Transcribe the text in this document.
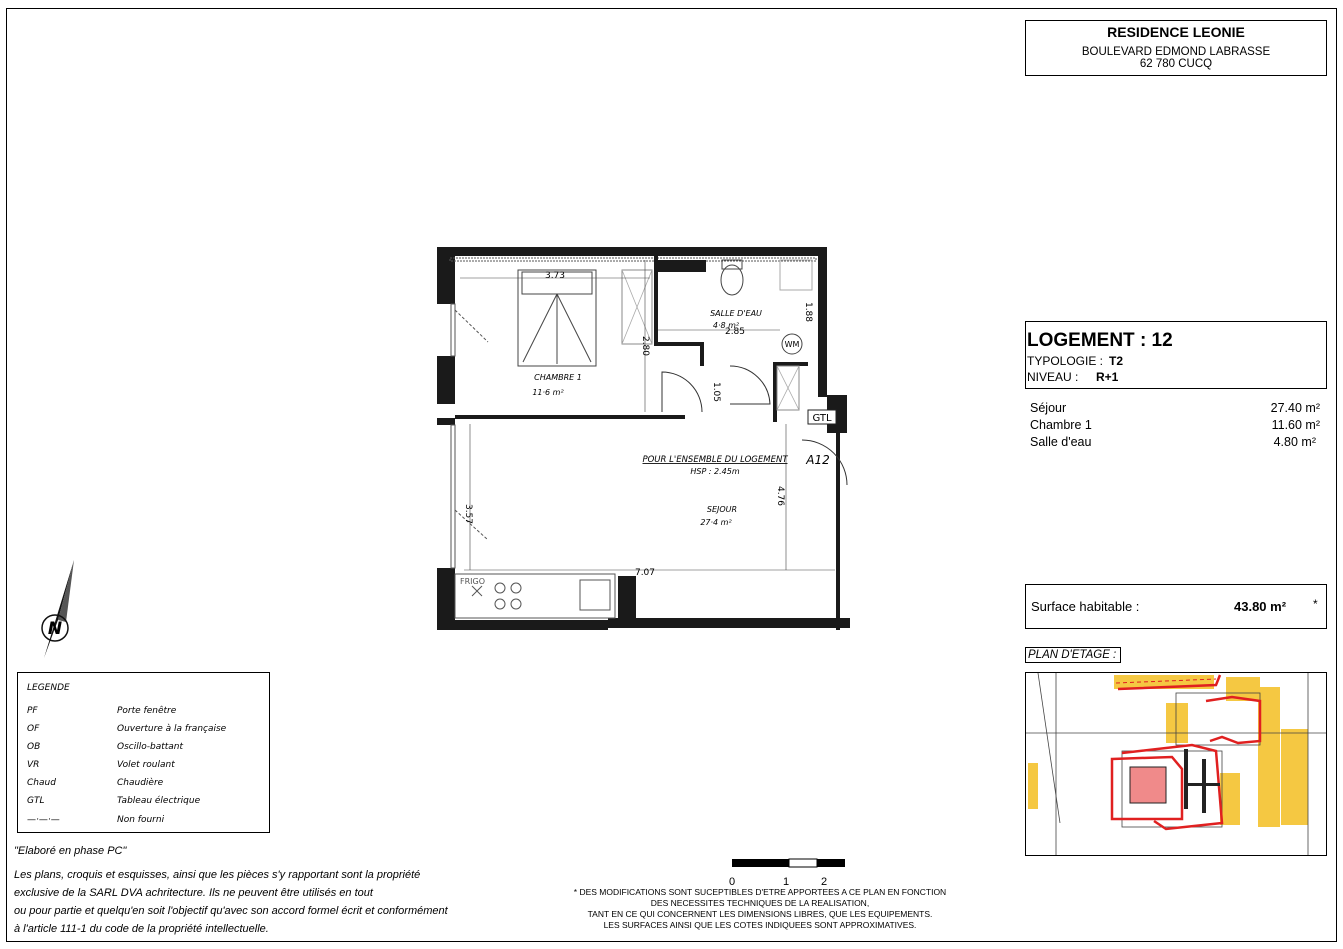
RESIDENCE LEONIE
BOULEVARD EDMOND LABRASSE
62 780 CUCQ
LOGEMENT : 12
TYPOLOGIE : T2
NIVEAU : R+1
Séjour	27.40 m²
Chambre 1	11.60 m²
Salle d'eau	4.80 m²
Surface habitable :	43.80 m² *
PLAN D'ETAGE :
LEGENDE
PF	Porte fenêtre
OF	Ouverture à la française
OB	Oscillo-battant
VR	Volet roulant
Chaud	Chaudière
GTL	Tableau électrique
—·—·—	Non fourni
"Elaboré en phase PC"
Les plans, croquis et esquisses, ainsi que les pièces s'y rapportant sont la propriété
exclusive de la SARL DVA achritecture. Ils ne peuvent être utilisés en tout
ou pour partie et quelqu'en soit l'objectif qu'avec son accord formel écrit et conformément
à l'article 111-1 du code de la propriété intellectuelle.
0	1	2
* DES MODIFICATIONS SONT SUCEPTIBLES D'ETRE APPORTEES A CE PLAN EN FONCTION
DES NECESSITES TECHNIQUES DE LA REALISATION,
TANT EN CE QUI CONCERNENT LES DIMENSIONS LIBRES, QUE LES EQUIPEMENTS.
LES SURFACES AINSI QUE LES COTES INDIQUEES SONT APPROXIMATIVES.
N
WM
GTL
FRIGO
3.73
2.85
2.80
1.88
1.05
4.76
3.57
7.07
CHAMBRE 1
11·6 m²
SALLE D'EAU
4·8 m²
POUR L'ENSEMBLE DU LOGEMENT
HSP : 2.45m
SEJOUR
27·4 m²
A12
